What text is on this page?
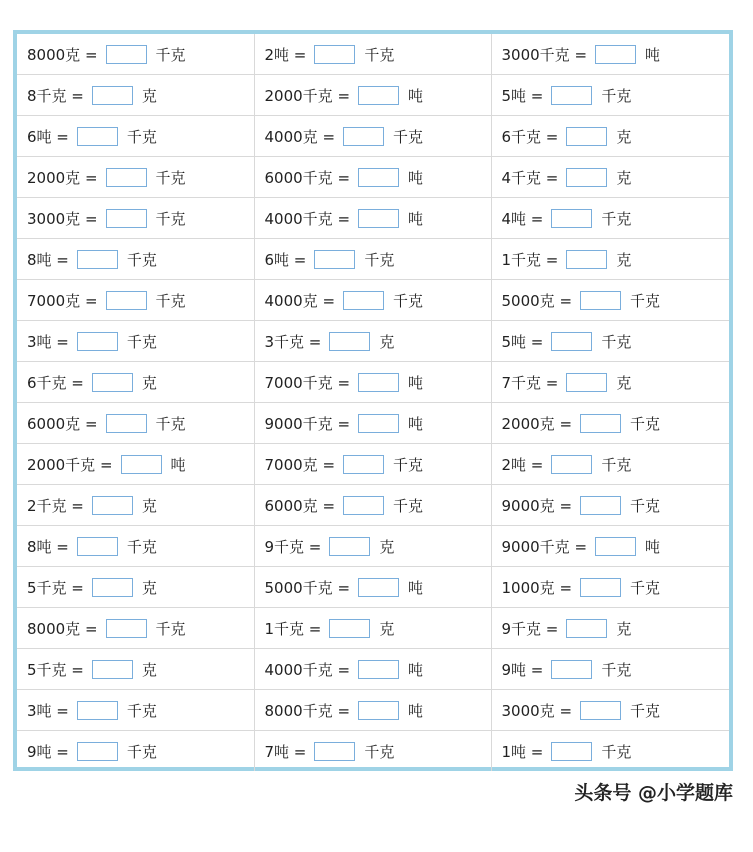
8000克 = 千克	2吨 = 千克	3000千克 = 吨
8千克 = 克	2000千克 = 吨	5吨 = 千克
6吨 = 千克	4000克 = 千克	6千克 = 克
2000克 = 千克	6000千克 = 吨	4千克 = 克
3000克 = 千克	4000千克 = 吨	4吨 = 千克
8吨 = 千克	6吨 = 千克	1千克 = 克
7000克 = 千克	4000克 = 千克	5000克 = 千克
3吨 = 千克	3千克 = 克	5吨 = 千克
6千克 = 克	7000千克 = 吨	7千克 = 克
6000克 = 千克	9000千克 = 吨	2000克 = 千克
2000千克 = 吨	7000克 = 千克	2吨 = 千克
2千克 = 克	6000克 = 千克	9000克 = 千克
8吨 = 千克	9千克 = 克	9000千克 = 吨
5千克 = 克	5000千克 = 吨	1000克 = 千克
8000克 = 千克	1千克 = 克	9千克 = 克
5千克 = 克	4000千克 = 吨	9吨 = 千克
3吨 = 千克	8000千克 = 吨	3000克 = 千克
9吨 = 千克	7吨 = 千克	1吨 = 千克
头条号 @小学题库
